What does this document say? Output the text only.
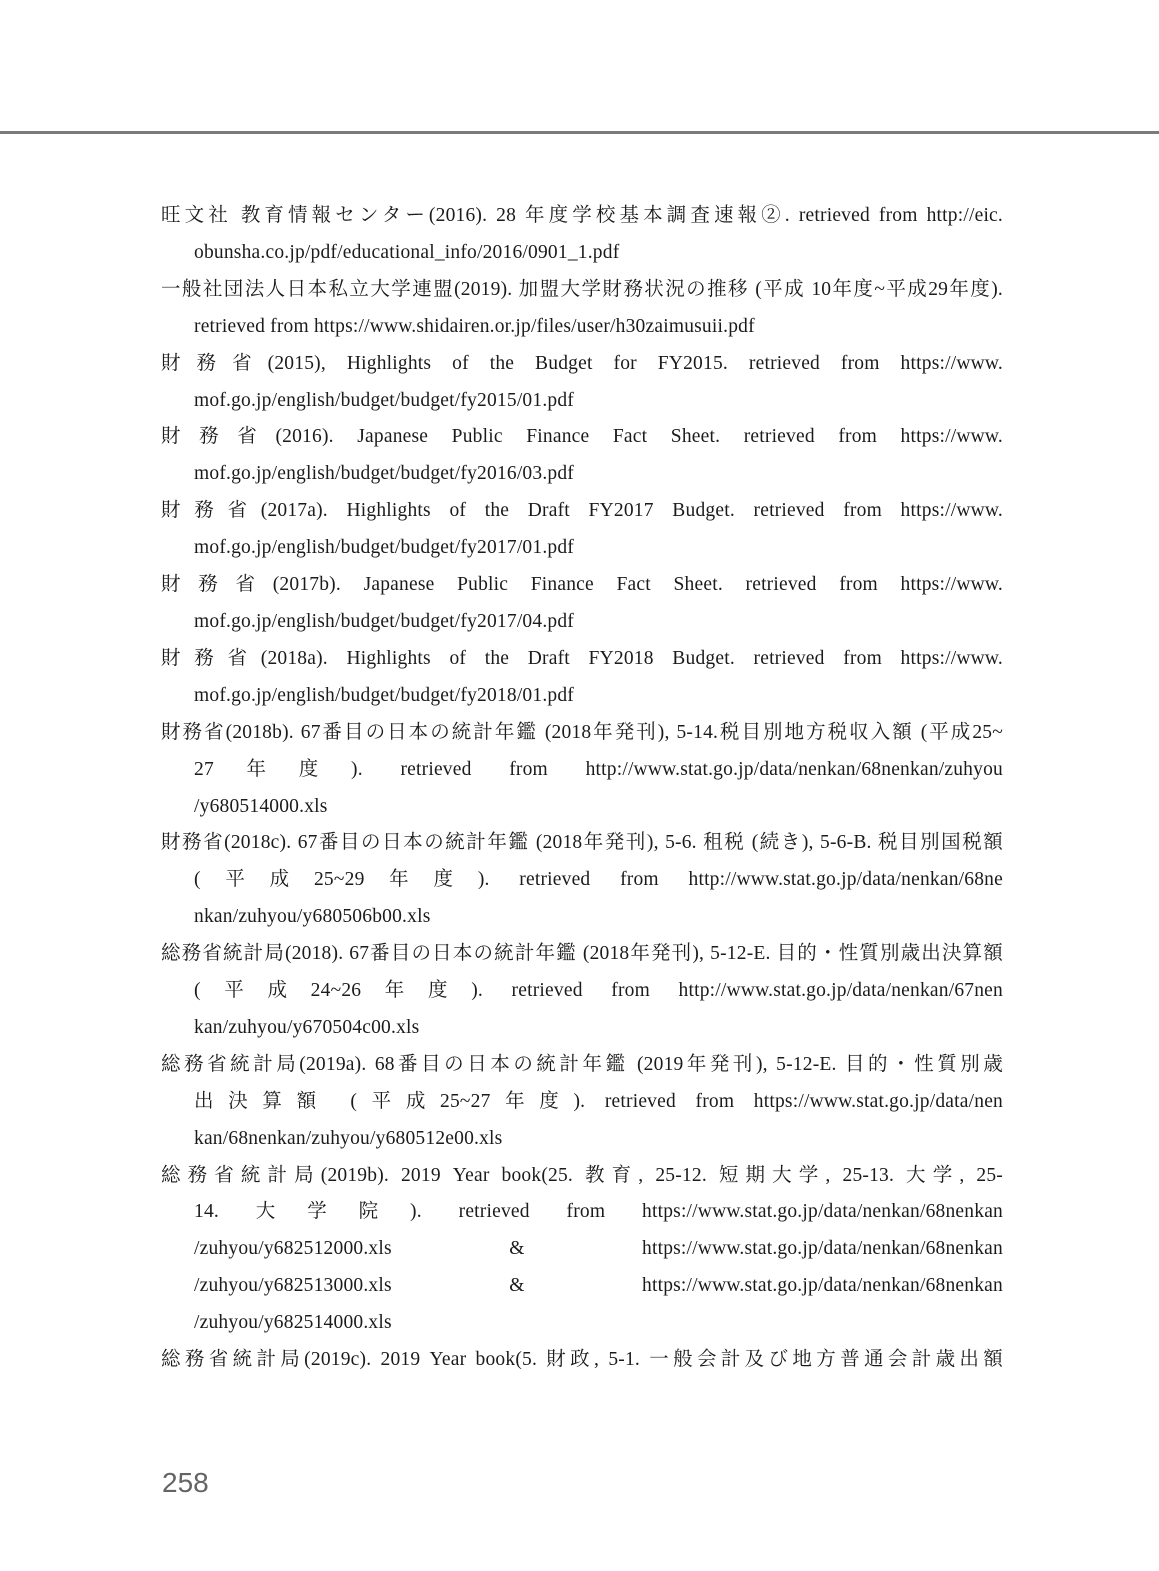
旺文社 教育情報センター(2016). 28 年度学校基本調査速報②. retrieved from http://eic.
obunsha.co.jp/pdf/educational_info/2016/0901_1.pdf
一般社団法人日本私立大学連盟(2019). 加盟大学財務状況の推移 (平成 10年度~平成29年度).
retrieved from https://www.shidairen.or.jp/files/user/h30zaimusuii.pdf
財務省(2015), Highlights of the Budget for FY2015. retrieved from https://www.
mof.go.jp/english/budget/budget/fy2015/01.pdf
財務省(2016). Japanese Public Finance Fact Sheet. retrieved from https://www.
mof.go.jp/english/budget/budget/fy2016/03.pdf
財務省(2017a). Highlights of the Draft FY2017 Budget. retrieved from https://www.
mof.go.jp/english/budget/budget/fy2017/01.pdf
財務省(2017b). Japanese Public Finance Fact Sheet. retrieved from https://www.
mof.go.jp/english/budget/budget/fy2017/04.pdf
財務省(2018a). Highlights of the Draft FY2018 Budget. retrieved from https://www.
mof.go.jp/english/budget/budget/fy2018/01.pdf
財務省(2018b). 67番目の日本の統計年鑑 (2018年発刊), 5-14.税目別地方税収入額 (平成25~
27年度). retrieved from http://www.stat.go.jp/data/nenkan/68nenkan/zuhyou
/y680514000.xls
財務省(2018c). 67番目の日本の統計年鑑 (2018年発刊), 5-6. 租税 (続き), 5-6-B. 税目別国税額
(平成25~29年度). retrieved from http://www.stat.go.jp/data/nenkan/68ne
nkan/zuhyou/y680506b00.xls
総務省統計局(2018). 67番目の日本の統計年鑑 (2018年発刊), 5-12-E. 目的・性質別歳出決算額
(平成24~26年度). retrieved from http://www.stat.go.jp/data/nenkan/67nen
kan/zuhyou/y670504c00.xls
総務省統計局(2019a). 68番目の日本の統計年鑑 (2019年発刊), 5-12-E. 目的・性質別歳
出決算額 (平成25~27年度). retrieved from https://www.stat.go.jp/data/nen
kan/68nenkan/zuhyou/y680512e00.xls
総務省統計局(2019b). 2019 Year book(25. 教育, 25-12. 短期大学, 25-13. 大学, 25-
14. 大学院). retrieved from https://www.stat.go.jp/data/nenkan/68nenkan
/zuhyou/y682512000.xls & https://www.stat.go.jp/data/nenkan/68nenkan
/zuhyou/y682513000.xls & https://www.stat.go.jp/data/nenkan/68nenkan
/zuhyou/y682514000.xls
総務省統計局(2019c). 2019 Year book(5. 財政, 5-1. 一般会計及び地方普通会計歳出額
258
